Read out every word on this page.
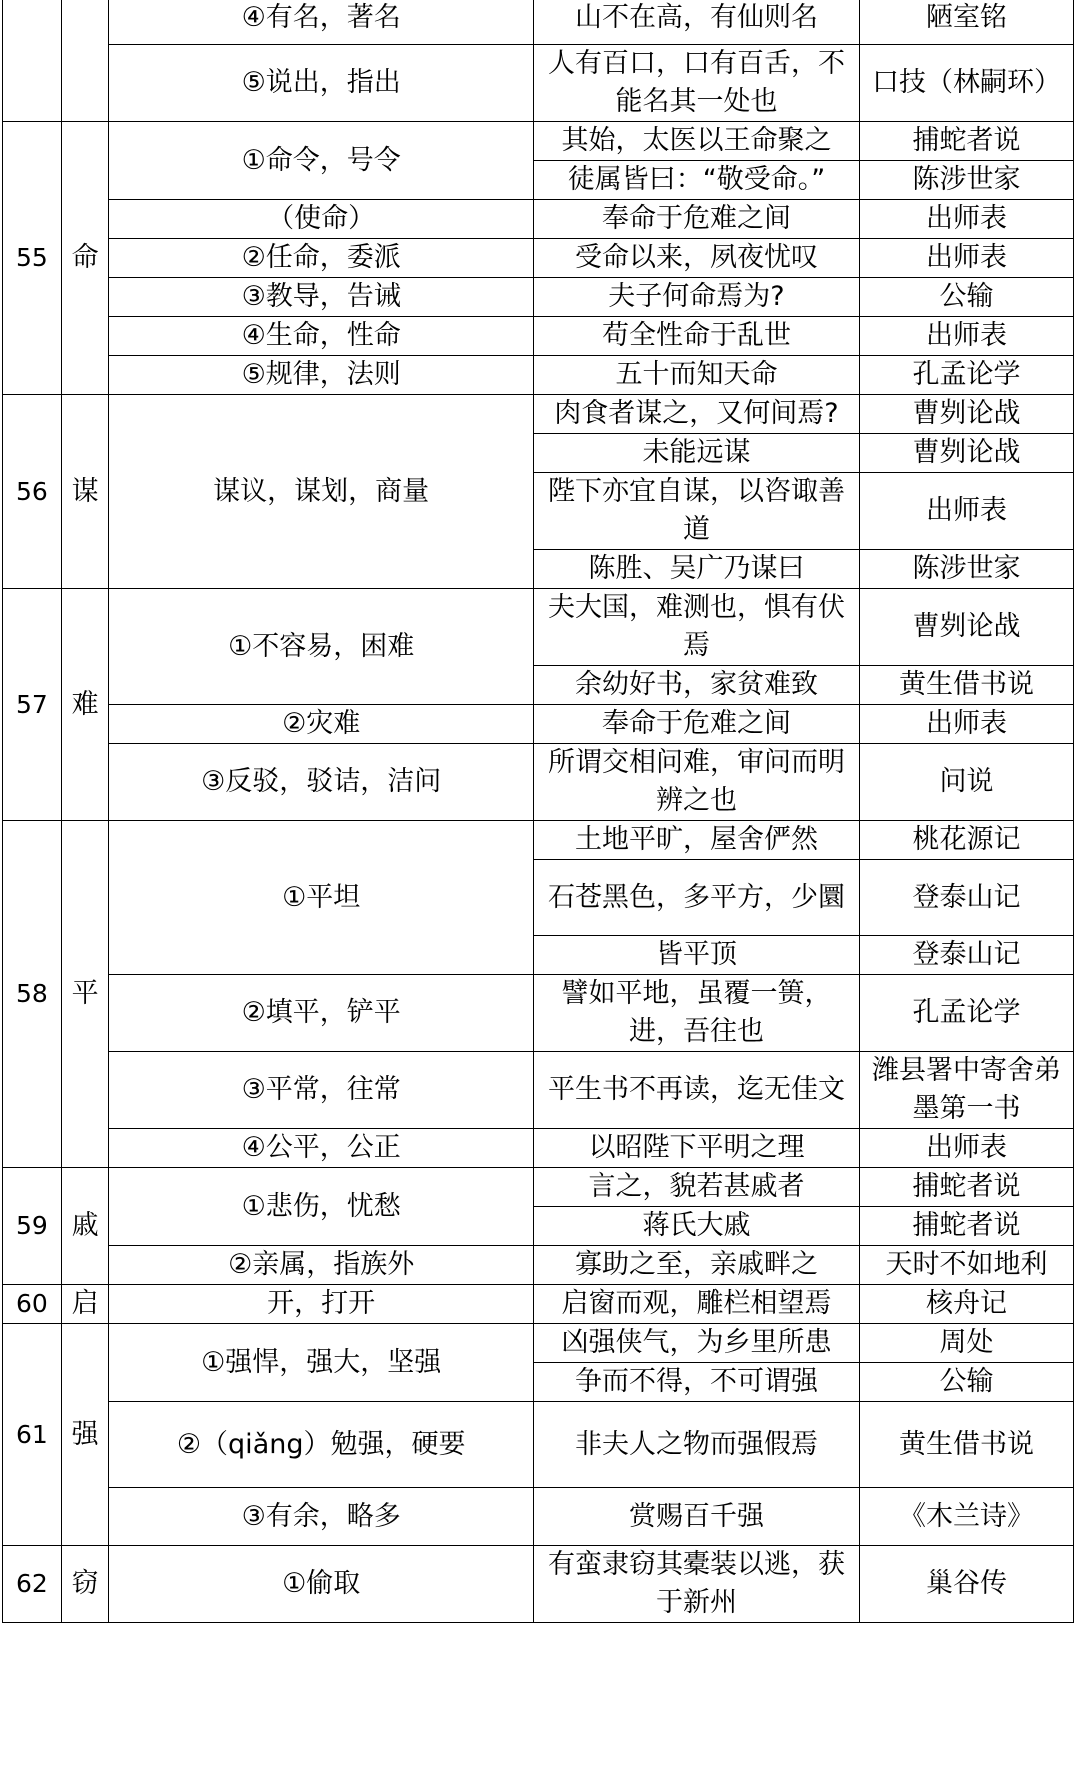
		④有名，著名	山不在高，有仙则名	陋室铭
		⑤说出，指出	人有百口，口有百舌，不能名其一处也	口技（林嗣环）
55	命	①命令，号令	其始，太医以王命聚之	捕蛇者说
			徒属皆曰：“敬受命。”	陈涉世家
		（使命）	奉命于危难之间	出师表
		②任命，委派	受命以来，夙夜忧叹	出师表
		③教导，告诫	夫子何命焉为?	公输
		④生命，性命	苟全性命于乱世	出师表
		⑤规律，法则	五十而知天命	孔孟论学
56	谋	谋议，谋划，商量	肉食者谋之，又何间焉?	曹刿论战
			未能远谋	曹刿论战
			陛下亦宜自谋，以咨诹善道	出师表
			陈胜、吴广乃谋曰	陈涉世家
57	难	①不容易，困难	夫大国，难测也，惧有伏焉	曹刿论战
			余幼好书，家贫难致	黄生借书说
		②灾难	奉命于危难之间	出师表
		③反驳，驳诘，洁问	所谓交相问难，审问而明辨之也	问说
58	平	①平坦	土地平旷，屋舍俨然	桃花源记
			石苍黑色，多平方，少圜	登泰山记
			皆平顶	登泰山记
		②填平，铲平	譬如平地，虽覆一篑，进，吾往也	孔孟论学
		③平常，往常	平生书不再读，迄无佳文	潍县署中寄舍弟墨第一书
		④公平，公正	以昭陛下平明之理	出师表
59	戚	①悲伤，忧愁	言之，貌若甚戚者	捕蛇者说
			蒋氏大戚	捕蛇者说
		②亲属，指族外	寡助之至，亲戚畔之	天时不如地利
60	启	开，打开	启窗而观，雕栏相望焉	核舟记
61	强	①强悍，强大，坚强	凶强侠气，为乡里所患	周处
			争而不得，不可谓强	公输
		②（qiǎng）勉强，硬要	非夫人之物而强假焉	黄生借书说
		③有余，略多	赏赐百千强	《木兰诗》
62	窃	①偷取	有蛮隶窃其橐装以逃，获于新州	巢谷传
